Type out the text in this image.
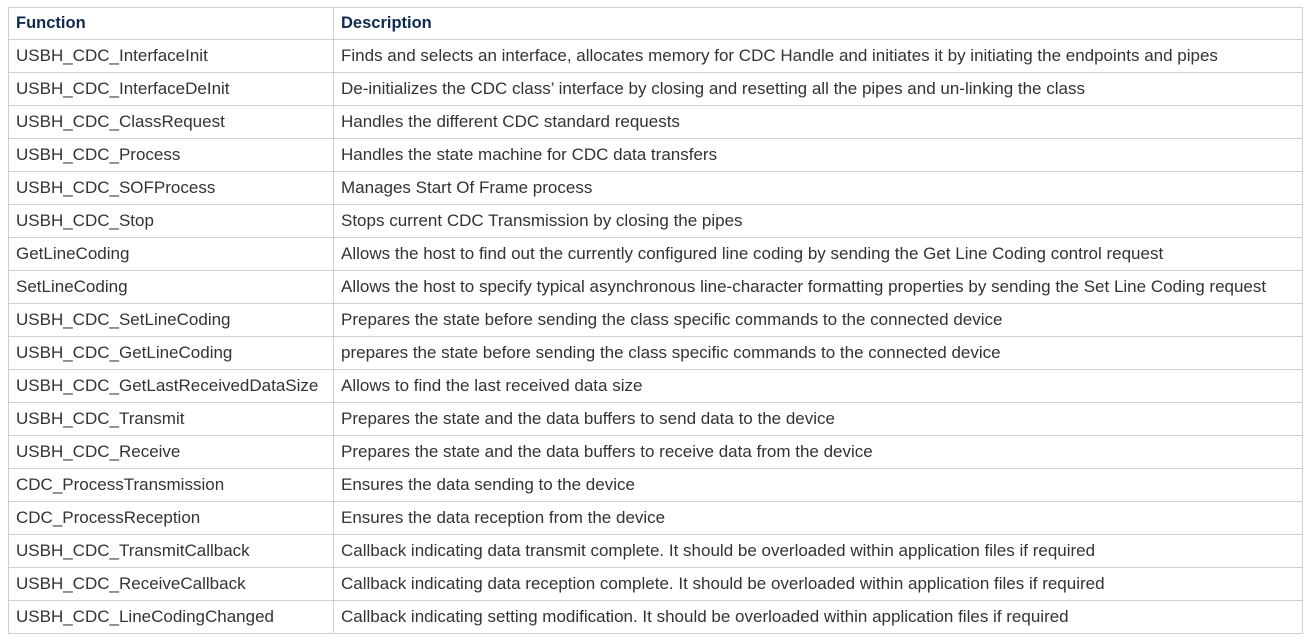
Function	Description
USBH_CDC_InterfaceInit	Finds and selects an interface, allocates memory for CDC Handle and initiates it by initiating the endpoints and pipes
USBH_CDC_InterfaceDeInit	De-initializes the CDC class’ interface by closing and resetting all the pipes and un-linking the class
USBH_CDC_ClassRequest	Handles the different CDC standard requests
USBH_CDC_Process	Handles the state machine for CDC data transfers
USBH_CDC_SOFProcess	Manages Start Of Frame process
USBH_CDC_Stop	Stops current CDC Transmission by closing the pipes
GetLineCoding	Allows the host to find out the currently configured line coding by sending the Get Line Coding control request
SetLineCoding	Allows the host to specify typical asynchronous line-character formatting properties by sending the Set Line Coding request
USBH_CDC_SetLineCoding	Prepares the state before sending the class specific commands to the connected device
USBH_CDC_GetLineCoding	prepares the state before sending the class specific commands to the connected device
USBH_CDC_GetLastReceivedDataSize	Allows to find the last received data size
USBH_CDC_Transmit	Prepares the state and the data buffers to send data to the device
USBH_CDC_Receive	Prepares the state and the data buffers to receive data from the device
CDC_ProcessTransmission	Ensures the data sending to the device
CDC_ProcessReception	Ensures the data reception from the device
USBH_CDC_TransmitCallback	Callback indicating data transmit complete. It should be overloaded within application files if required
USBH_CDC_ReceiveCallback	Callback indicating data reception complete. It should be overloaded within application files if required
USBH_CDC_LineCodingChanged	Callback indicating setting modification. It should be overloaded within application files if required
